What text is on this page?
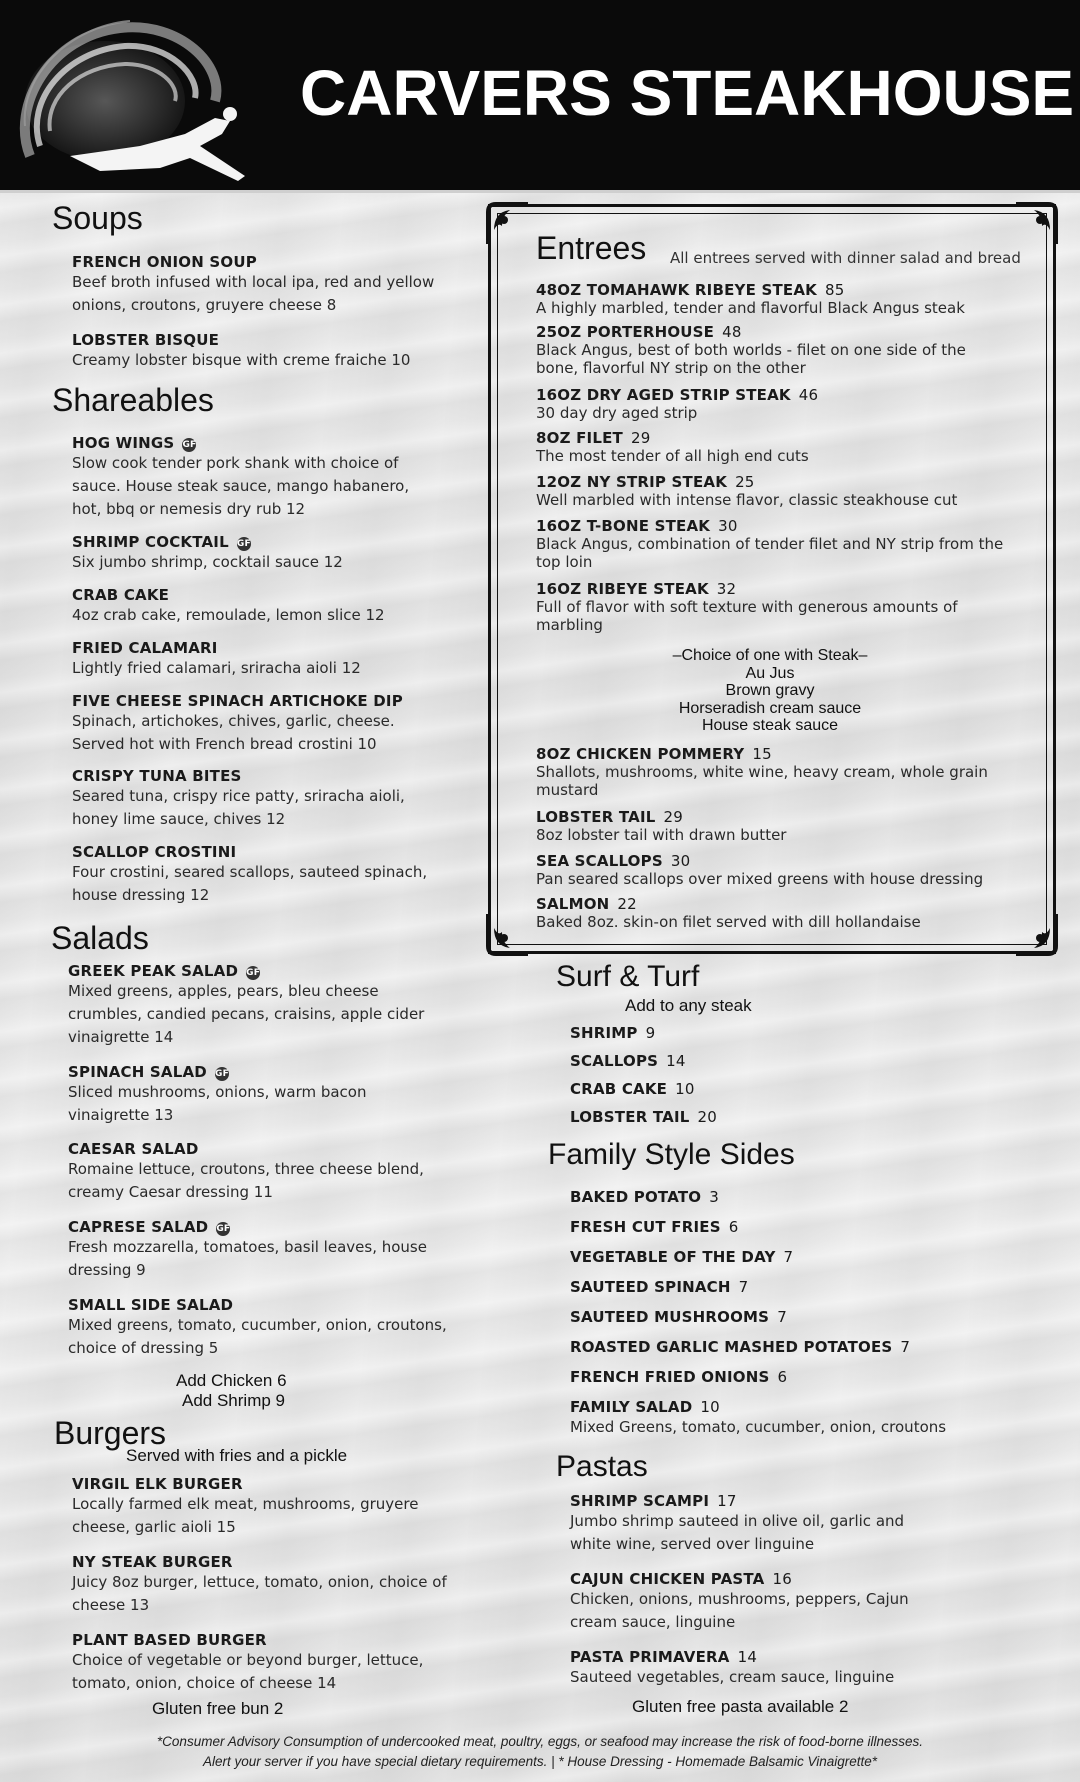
CARVERS STEAKHOUSE
Soups
FRENCH ONION SOUP
Beef broth infused with local ipa, red and yellow
onions, croutons, gruyere cheese 8
LOBSTER BISQUE
Creamy lobster bisque with creme fraiche 10
Shareables
HOG WINGS GF
Slow cook tender pork shank with choice of
sauce. House steak sauce, mango habanero,
hot, bbq or nemesis dry rub 12
SHRIMP COCKTAIL GF
Six jumbo shrimp, cocktail sauce 12
CRAB CAKE
4oz crab cake, remoulade, lemon slice 12
FRIED CALAMARI
Lightly fried calamari, sriracha aioli 12
FIVE CHEESE SPINACH ARTICHOKE DIP
Spinach, artichokes, chives, garlic, cheese.
Served hot with French bread crostini 10
CRISPY TUNA BITES
Seared tuna, crispy rice patty, sriracha aioli,
honey lime sauce, chives 12
SCALLOP CROSTINI
Four crostini, seared scallops, sauteed spinach,
house dressing 12
Salads
GREEK PEAK SALAD GF
Mixed greens, apples, pears, bleu cheese
crumbles, candied pecans, craisins, apple cider
vinaigrette 14
SPINACH SALAD GF
Sliced mushrooms, onions, warm bacon
vinaigrette 13
CAESAR SALAD
Romaine lettuce, croutons, three cheese blend,
creamy Caesar dressing 11
CAPRESE SALAD GF
Fresh mozzarella, tomatoes, basil leaves, house
dressing 9
SMALL SIDE SALAD
Mixed greens, tomato, cucumber, onion, croutons,
choice of dressing 5
Add Chicken 6
Add Shrimp 9
Burgers
Served with fries and a pickle
VIRGIL ELK BURGER
Locally farmed elk meat, mushrooms, gruyere
cheese, garlic aioli 15
NY STEAK BURGER
Juicy 8oz burger, lettuce, tomato, onion, choice of
cheese 13
PLANT BASED BURGER
Choice of vegetable or beyond burger, lettuce,
tomato, onion, choice of cheese 14
Gluten free bun 2
Entrees All entrees served with dinner salad and bread
48OZ TOMAHAWK RIBEYE STEAK 85
A highly marbled, tender and flavorful Black Angus steak
25OZ PORTERHOUSE 48
Black Angus, best of both worlds - filet on one side of the
bone, flavorful NY strip on the other
16OZ DRY AGED STRIP STEAK 46
30 day dry aged strip
8OZ FILET 29
The most tender of all high end cuts
12OZ NY STRIP STEAK 25
Well marbled with intense flavor, classic steakhouse cut
16OZ T-BONE STEAK 30
Black Angus, combination of tender filet and NY strip from the
top loin
16OZ RIBEYE STEAK 32
Full of flavor with soft texture with generous amounts of
marbling
–Choice of one with Steak–
Au Jus
Brown gravy
Horseradish cream sauce
House steak sauce
8OZ CHICKEN POMMERY 15
Shallots, mushrooms, white wine, heavy cream, whole grain
mustard
LOBSTER TAIL 29
8oz lobster tail with drawn butter
SEA SCALLOPS 30
Pan seared scallops over mixed greens with house dressing
SALMON 22
Baked 8oz. skin-on filet served with dill hollandaise
Surf & Turf
Add to any steak
SHRIMP 9
SCALLOPS 14
CRAB CAKE 10
LOBSTER TAIL 20
Family Style Sides
BAKED POTATO 3
FRESH CUT FRIES 6
VEGETABLE OF THE DAY 7
SAUTEED SPINACH 7
SAUTEED MUSHROOMS 7
ROASTED GARLIC MASHED POTATOES 7
FRENCH FRIED ONIONS 6
FAMILY SALAD 10
Mixed Greens, tomato, cucumber, onion, croutons
Pastas
SHRIMP SCAMPI 17
Jumbo shrimp sauteed in olive oil, garlic and
white wine, served over linguine
CAJUN CHICKEN PASTA 16
Chicken, onions, mushrooms, peppers, Cajun
cream sauce, linguine
PASTA PRIMAVERA 14
Sauteed vegetables, cream sauce, linguine
Gluten free pasta available 2
*Consumer Advisory Consumption of undercooked meat, poultry, eggs, or seafood may increase the risk of food-borne illnesses.
Alert your server if you have special dietary requirements. | * House Dressing - Homemade Balsamic Vinaigrette*
